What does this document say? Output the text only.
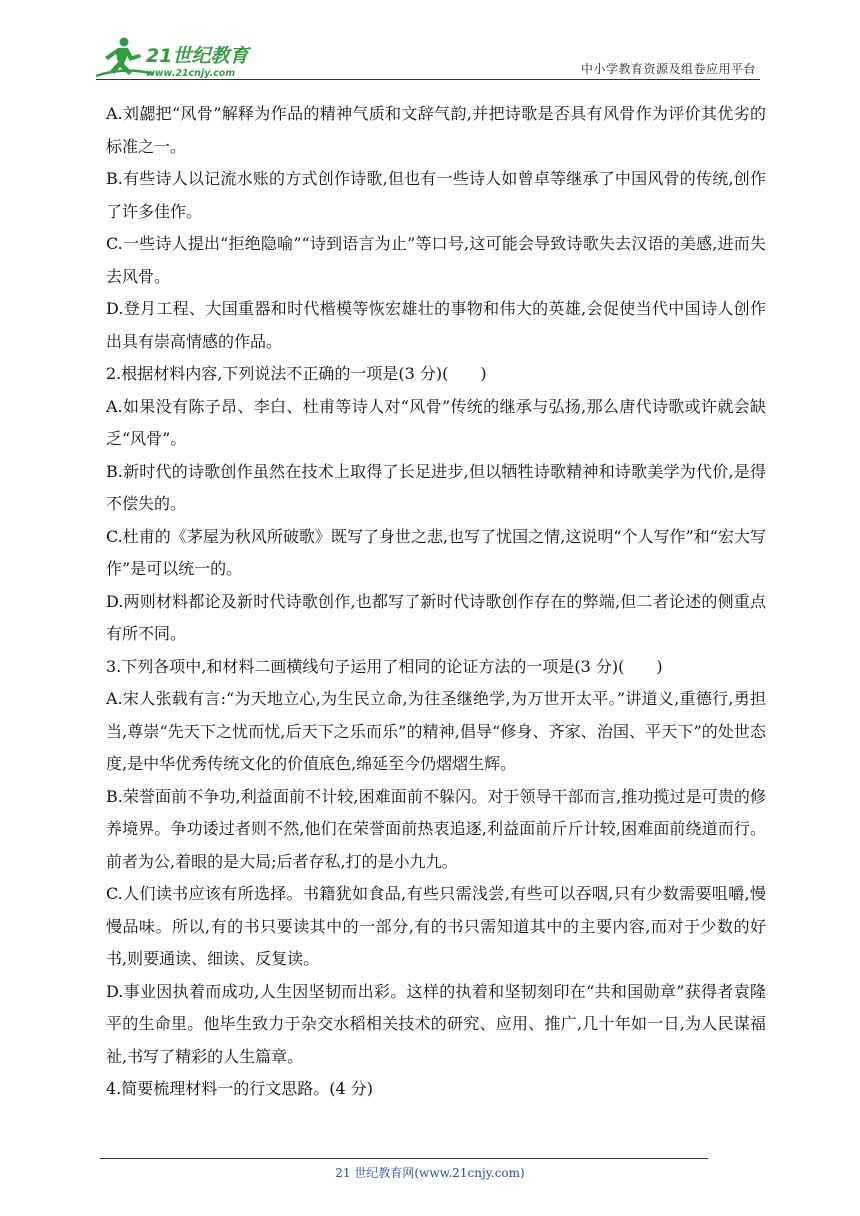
21世纪教育
www.21cnjy.com	中小学教育资源及组卷应用平台

A.刘勰把“风骨”解释为作品的精神气质和文辞气韵,并把诗歌是否具有风骨作为评价其优劣的标准之一。

B.有些诗人以记流水账的方式创作诗歌,但也有一些诗人如曾卓等继承了中国风骨的传统,创作了许多佳作。

C.一些诗人提出“拒绝隐喻”“诗到语言为止”等口号,这可能会导致诗歌失去汉语的美感,进而失去风骨。

D.登月工程、大国重器和时代楷模等恢宏雄壮的事物和伟大的英雄,会促使当代中国诗人创作出具有崇高情感的作品。

2.根据材料内容,下列说法不正确的一项是(3 分)(　　)

A.如果没有陈子昂、李白、杜甫等诗人对“风骨”传统的继承与弘扬,那么唐代诗歌或许就会缺乏“风骨”。

B.新时代的诗歌创作虽然在技术上取得了长足进步,但以牺牲诗歌精神和诗歌美学为代价,是得不偿失的。

C.杜甫的《茅屋为秋风所破歌》既写了身世之悲,也写了忧国之情,这说明“个人写作”和“宏大写作”是可以统一的。

D.两则材料都论及新时代诗歌创作,也都写了新时代诗歌创作存在的弊端,但二者论述的侧重点有所不同。

3.下列各项中,和材料二画横线句子运用了相同的论证方法的一项是(3 分)(　　)

A.宋人张载有言:“为天地立心,为生民立命,为往圣继绝学,为万世开太平。”讲道义,重德行,勇担当,尊崇“先天下之忧而忧,后天下之乐而乐”的精神,倡导“修身、齐家、治国、平天下”的处世态度,是中华优秀传统文化的价值底色,绵延至今仍熠熠生辉。

B.荣誉面前不争功,利益面前不计较,困难面前不躲闪。对于领导干部而言,推功揽过是可贵的修养境界。争功诿过者则不然,他们在荣誉面前热衷追逐,利益面前斤斤计较,困难面前绕道而行。前者为公,着眼的是大局;后者存私,打的是小九九。

C.人们读书应该有所选择。书籍犹如食品,有些只需浅尝,有些可以吞咽,只有少数需要咀嚼,慢慢品味。所以,有的书只要读其中的一部分,有的书只需知道其中的主要内容,而对于少数的好书,则要通读、细读、反复读。

D.事业因执着而成功,人生因坚韧而出彩。这样的执着和坚韧刻印在“共和国勋章”获得者袁隆平的生命里。他毕生致力于杂交水稻相关技术的研究、应用、推广,几十年如一日,为人民谋福祉,书写了精彩的人生篇章。

4.简要梳理材料一的行文思路。(4 分)

21 世纪教育网(www.21cnjy.com)
